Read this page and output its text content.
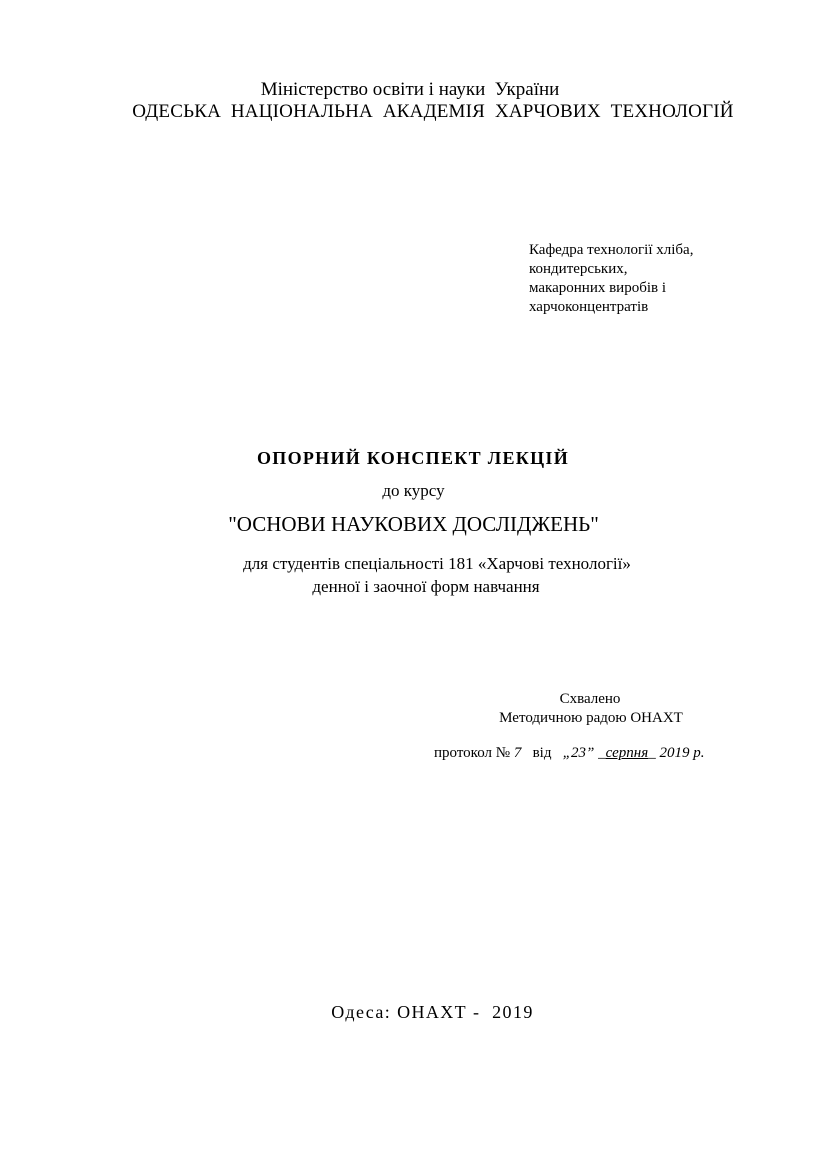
Міністерство освіти і науки  України
ОДЕСЬКА  НАЦІОНАЛЬНА  АКАДЕМІЯ  ХАРЧОВИХ  ТЕХНОЛОГІЙ
Кафедра технології хліба,
кондитерських,
макаронних виробів і
харчоконцентратів
ОПОРНИЙ КОНСПЕКТ ЛЕКЦІЙ
до курсу
"ОСНОВИ НАУКОВИХ ДОСЛІДЖЕНЬ"
для студентів спеціальності 181 «Харчові технології»
денної і заочної форм навчання
Схвалено
Методичною радою ОНАХТ
протокол № 7   від   „23” _серпня_ 2019 р.
Одеса: ОНАХТ -  2019
